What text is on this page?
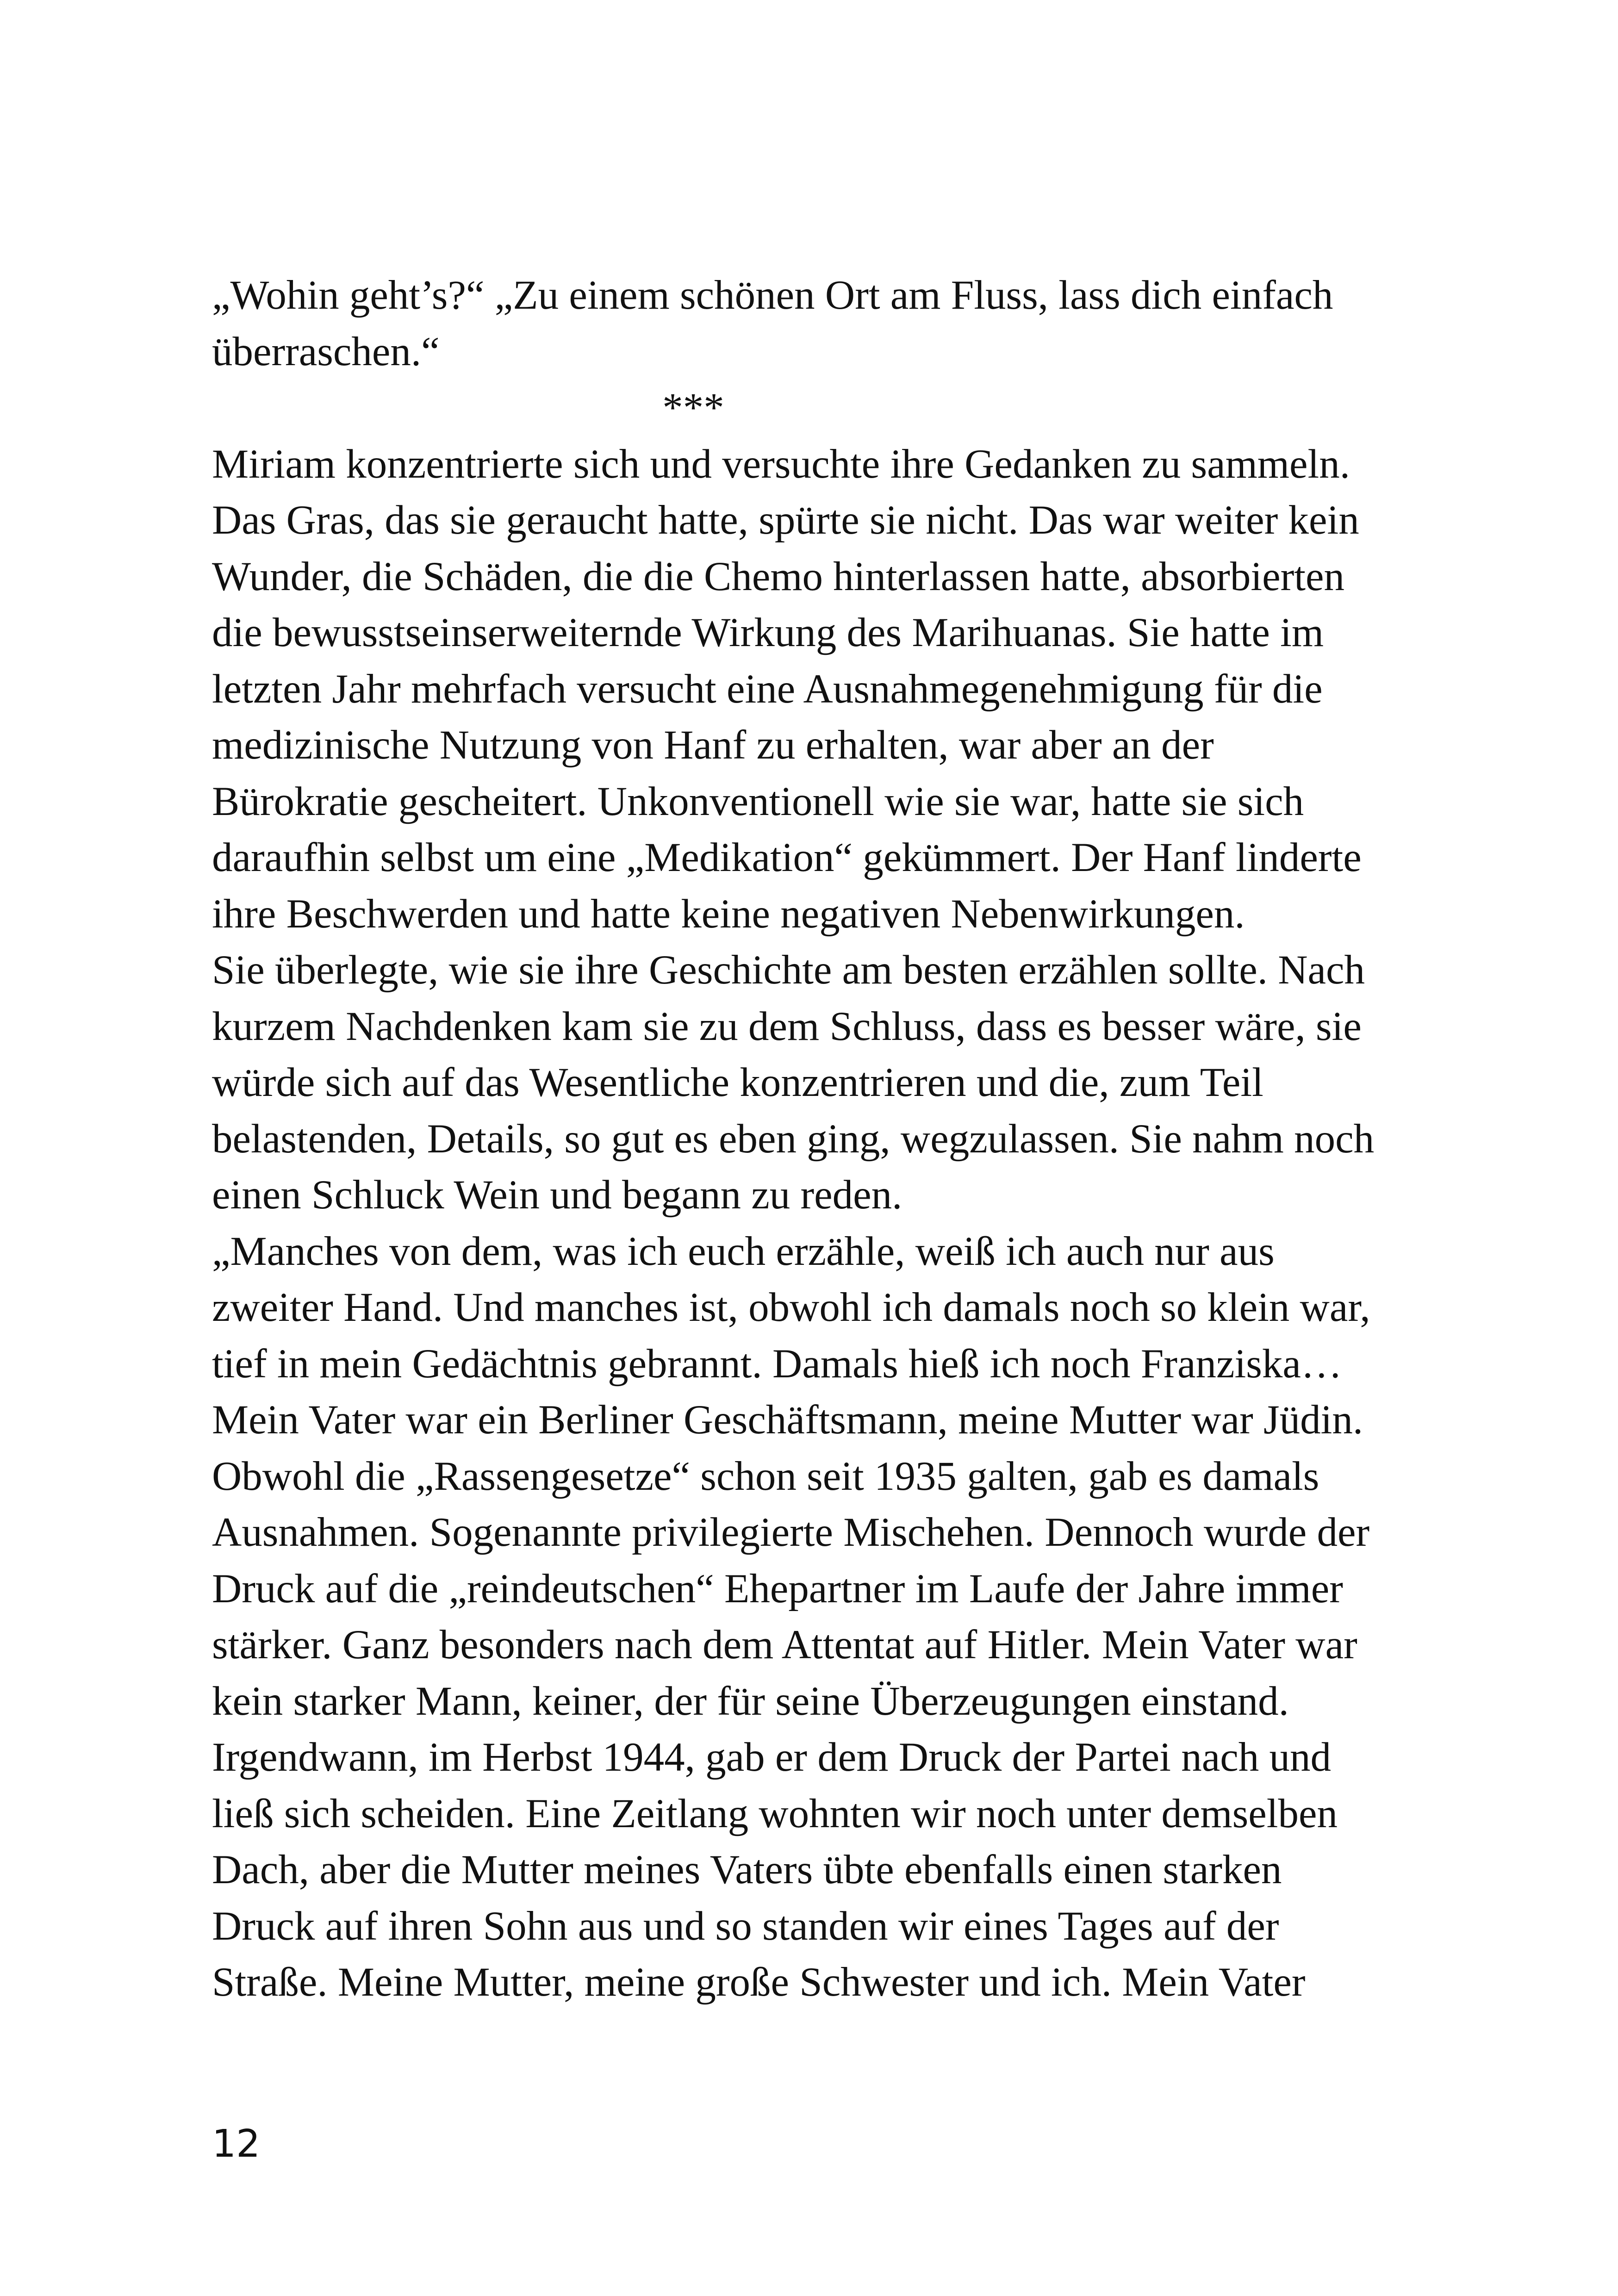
„Wohin geht’s?“ „Zu einem schönen Ort am Fluss, lass dich einfach
überraschen.“
***
Miriam konzentrierte sich und versuchte ihre Gedanken zu sammeln.
Das Gras, das sie geraucht hatte, spürte sie nicht. Das war weiter kein
Wunder, die Schäden, die die Chemo hinterlassen hatte, absorbierten
die bewusstseinserweiternde Wirkung des Marihuanas. Sie hatte im
letzten Jahr mehrfach versucht eine Ausnahmegenehmigung für die
medizinische Nutzung von Hanf zu erhalten, war aber an der
Bürokratie gescheitert. Unkonventionell wie sie war, hatte sie sich
daraufhin selbst um eine „Medikation“ gekümmert. Der Hanf linderte
ihre Beschwerden und hatte keine negativen Nebenwirkungen.
Sie überlegte, wie sie ihre Geschichte am besten erzählen sollte. Nach
kurzem Nachdenken kam sie zu dem Schluss, dass es besser wäre, sie
würde sich auf das Wesentliche konzentrieren und die, zum Teil
belastenden, Details, so gut es eben ging, wegzulassen. Sie nahm noch
einen Schluck Wein und begann zu reden.
„Manches von dem, was ich euch erzähle, weiß ich auch nur aus
zweiter Hand. Und manches ist, obwohl ich damals noch so klein war,
tief in mein Gedächtnis gebrannt. Damals hieß ich noch Franziska…
Mein Vater war ein Berliner Geschäftsmann, meine Mutter war Jüdin.
Obwohl die „Rassengesetze“ schon seit 1935 galten, gab es damals
Ausnahmen. Sogenannte privilegierte Mischehen. Dennoch wurde der
Druck auf die „reindeutschen“ Ehepartner im Laufe der Jahre immer
stärker. Ganz besonders nach dem Attentat auf Hitler. Mein Vater war
kein starker Mann, keiner, der für seine Überzeugungen einstand.
Irgendwann, im Herbst 1944, gab er dem Druck der Partei nach und
ließ sich scheiden. Eine Zeitlang wohnten wir noch unter demselben
Dach, aber die Mutter meines Vaters übte ebenfalls einen starken
Druck auf ihren Sohn aus und so standen wir eines Tages auf der
Straße. Meine Mutter, meine große Schwester und ich. Mein Vater
12
